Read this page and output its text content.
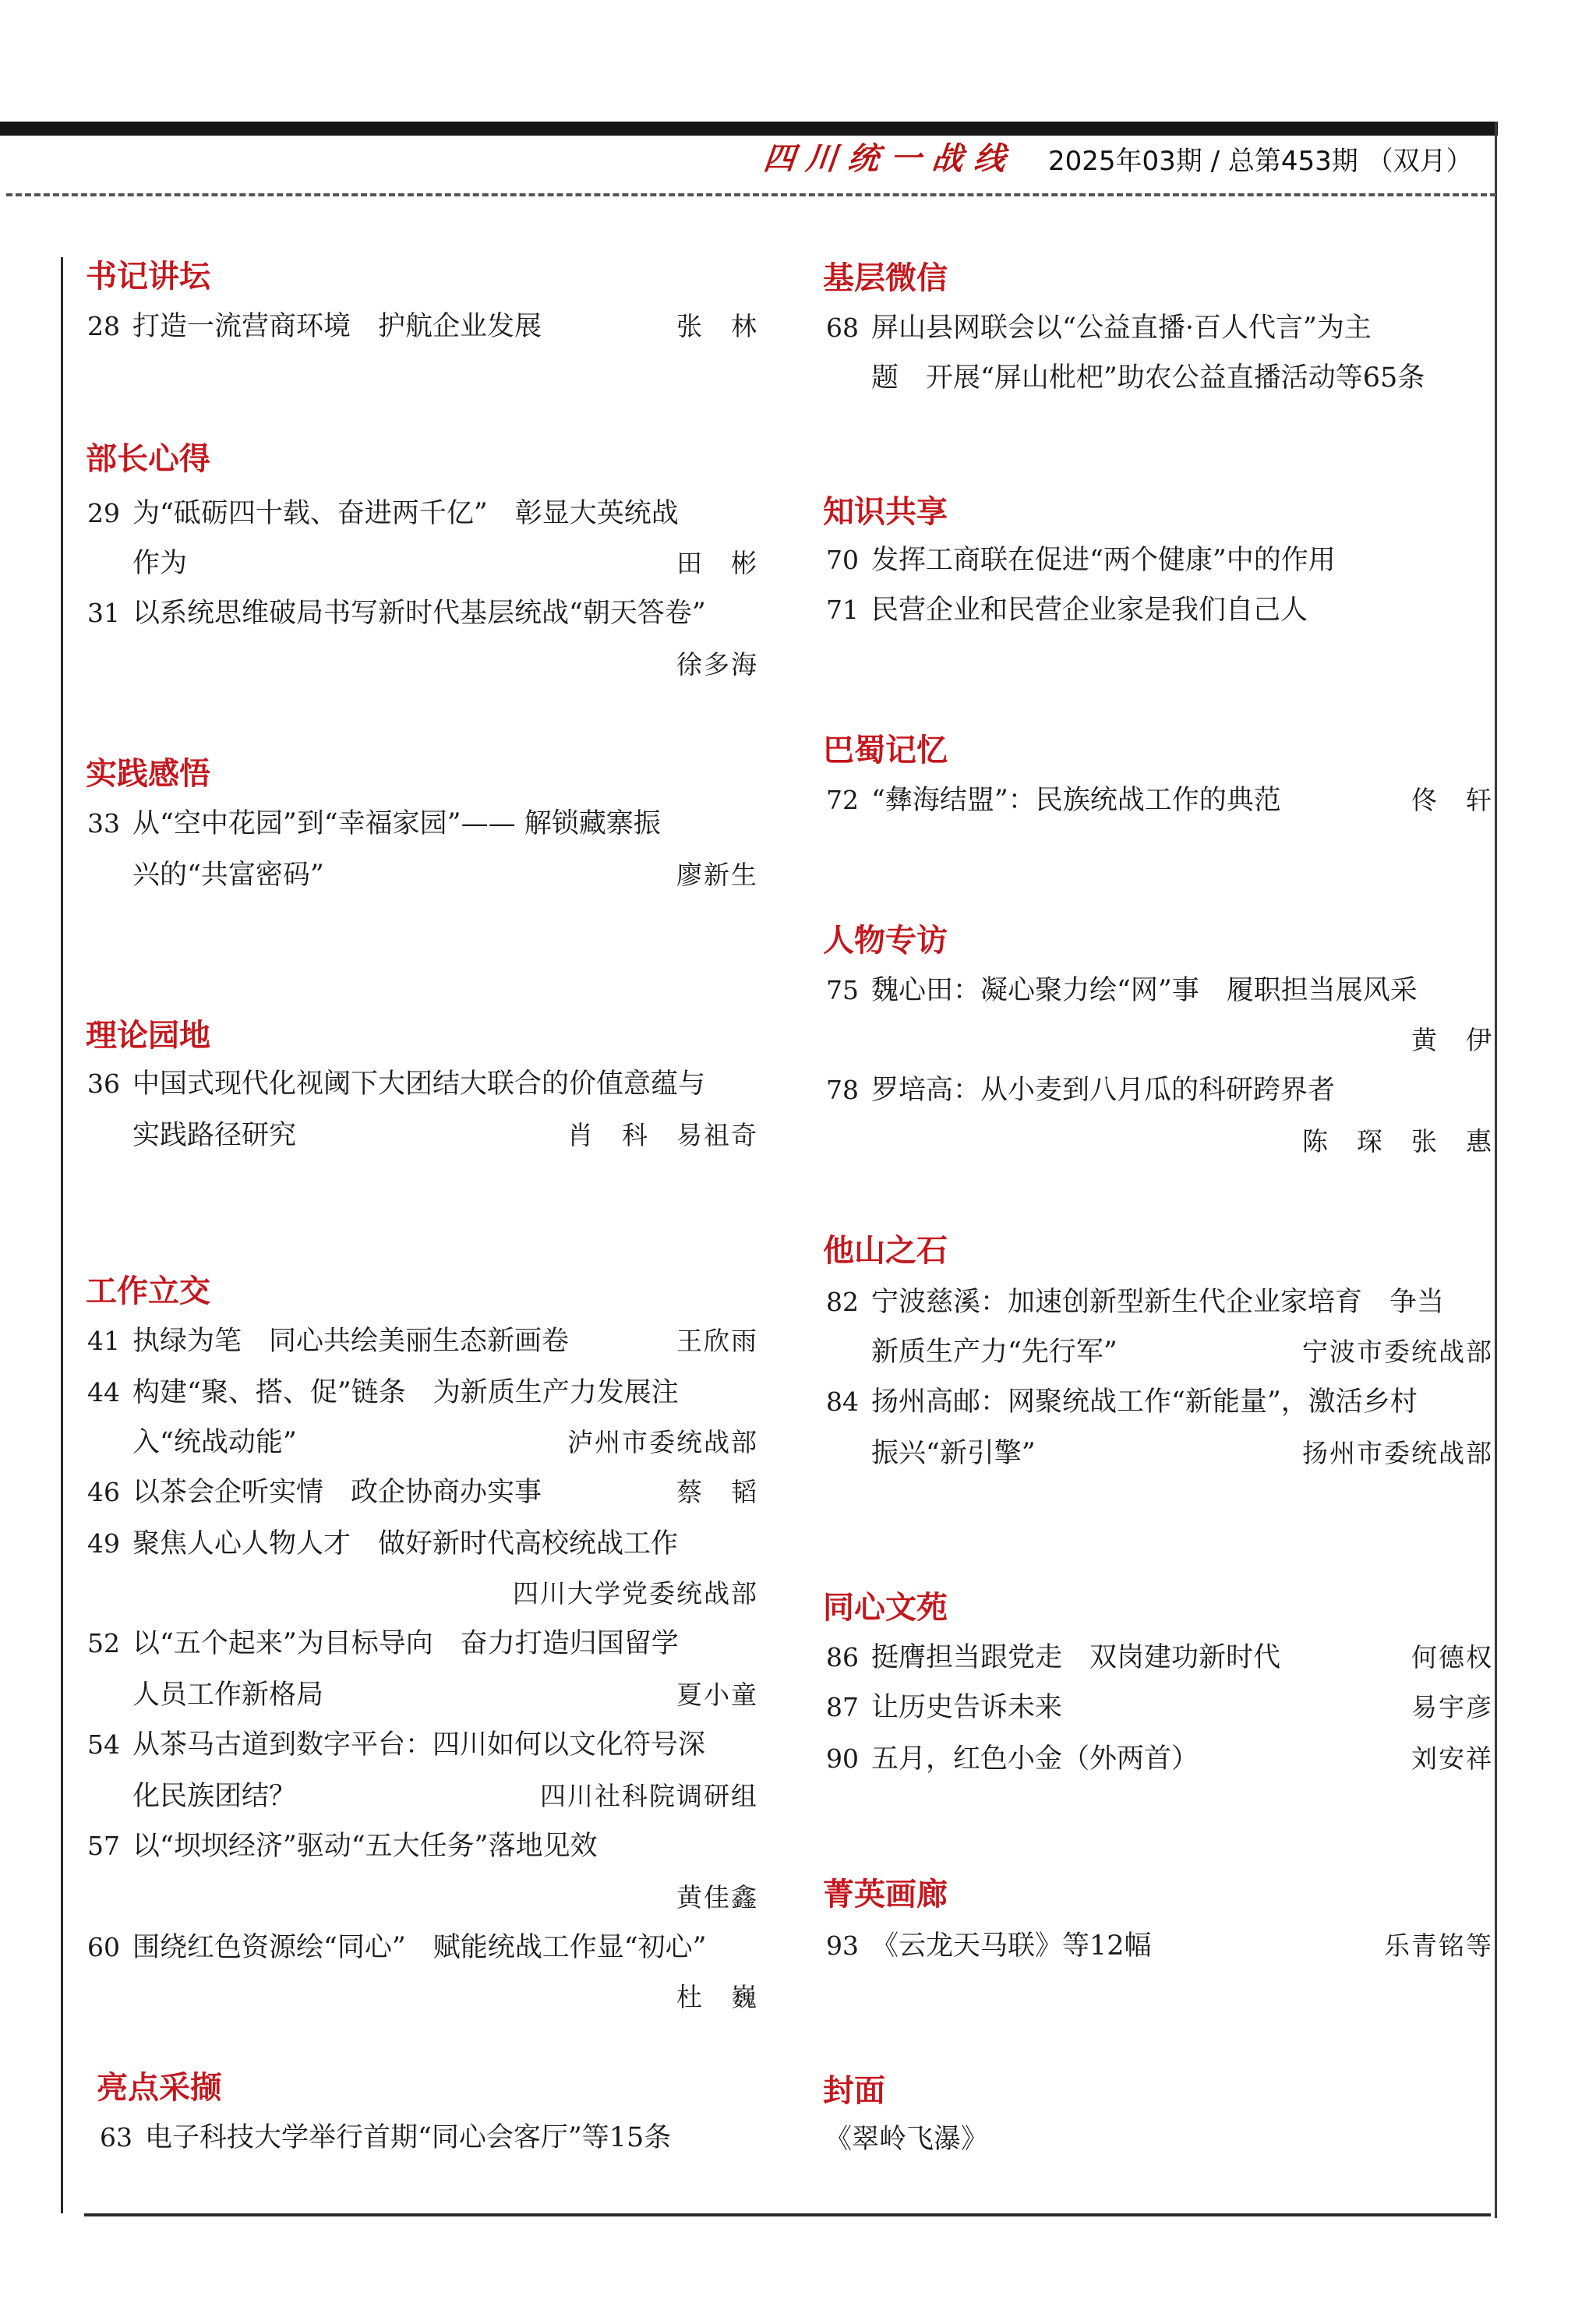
四川统一战线 2025年03期 / 总第453期 （双月）
书记讲坛
28 打造一流营商环境　护航企业发展	张　林
部长心得
29 为“砥砺四十载、奋进两千亿”　彰显大英统战
作为	田　彬
31 以系统思维破局书写新时代基层统战“朝天答卷”
徐多海
实践感悟
33 从“空中花园”到“幸福家园”—— 解锁藏寨振
兴的“共富密码”	廖新生
理论园地
36 中国式现代化视阈下大团结大联合的价值意蕴与
实践路径研究	肖　科　易祖奇
工作立交
41 执绿为笔　同心共绘美丽生态新画卷	王欣雨
44 构建“聚、搭、促”链条　为新质生产力发展注
入“统战动能”	泸州市委统战部
46 以茶会企听实情　政企协商办实事	蔡　韬
49 聚焦人心人物人才　做好新时代高校统战工作
四川大学党委统战部
52 以“五个起来”为目标导向　奋力打造归国留学
人员工作新格局	夏小童
54 从茶马古道到数字平台：四川如何以文化符号深
化民族团结？	四川社科院调研组
57 以“坝坝经济”驱动“五大任务”落地见效
黄佳鑫
60 围绕红色资源绘“同心”　赋能统战工作显“初心”
杜　巍
亮点采撷
63 电子科技大学举行首期“同心会客厅”等15条
基层微信
68 屏山县网联会以“公益直播·百人代言”为主
题　开展“屏山枇杷”助农公益直播活动等65条
知识共享
70 发挥工商联在促进“两个健康”中的作用
71 民营企业和民营企业家是我们自己人
巴蜀记忆
72 “彝海结盟”：民族统战工作的典范	佟　轩
人物专访
75 魏心田：凝心聚力绘“网”事　履职担当展风采
黄　伊
78 罗培高：从小麦到八月瓜的科研跨界者
陈　琛　张　惠
他山之石
82 宁波慈溪：加速创新型新生代企业家培育　争当
新质生产力“先行军”	宁波市委统战部
84 扬州高邮：网聚统战工作“新能量”，激活乡村
振兴“新引擎”	扬州市委统战部
同心文苑
86 挺膺担当跟党走　双岗建功新时代	何德权
87 让历史告诉未来	易宇彦
90 五月，红色小金（外两首）	刘安祥
菁英画廊
93 《云龙天马联》等12幅	乐青铭等
封面
《翠岭飞瀑》
